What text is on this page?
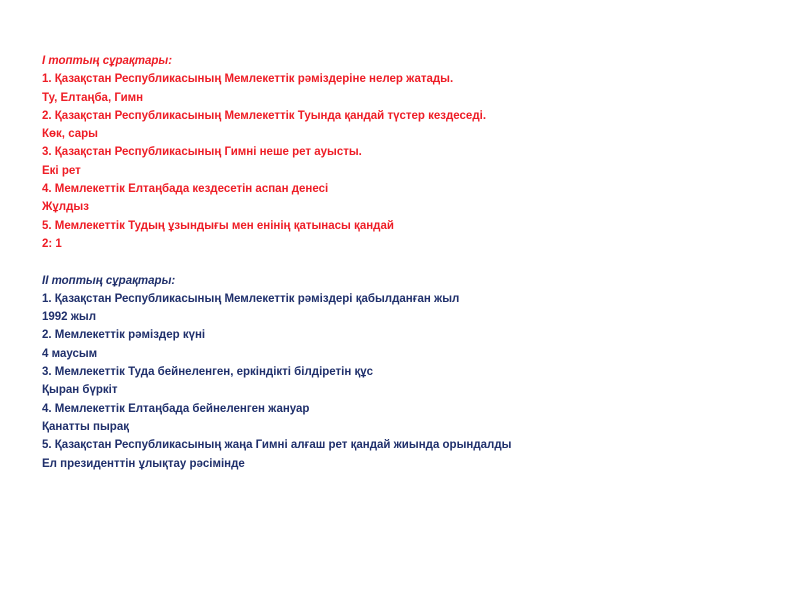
I топтың сұрақтары:
1. Қазақстан Республикасының Мемлекеттік рәміздеріне нелер жатады.
Ту, Елтаңба, Гимн
2. Қазақстан Республикасының Мемлекеттік Туында қандай түстер кездеседі.
Көк, сары
3. Қазақстан Республикасының Гимні неше рет ауысты.
Екі рет
4. Мемлекеттік Елтаңбада кездесетін аспан денесі
Жұлдыз
5. Мемлекеттік Тудың ұзындығы мен енінің қатынасы қандай
2: 1
II топтың сұрақтары:
1. Қазақстан Республикасының Мемлекеттік рәміздері қабылданған жыл
1992 жыл
2. Мемлекеттік рәміздер күні
4 маусым
3. Мемлекеттік Туда бейнеленген, еркіндікті білдіретін құс
Қыран бүркіт
4. Мемлекеттік Елтаңбада бейнеленген жануар
Қанатты пырақ
5. Қазақстан Республикасының жаңа Гимні алғаш рет қандай жиында орындалды
Ел президенттін ұлықтау рәсімінде
